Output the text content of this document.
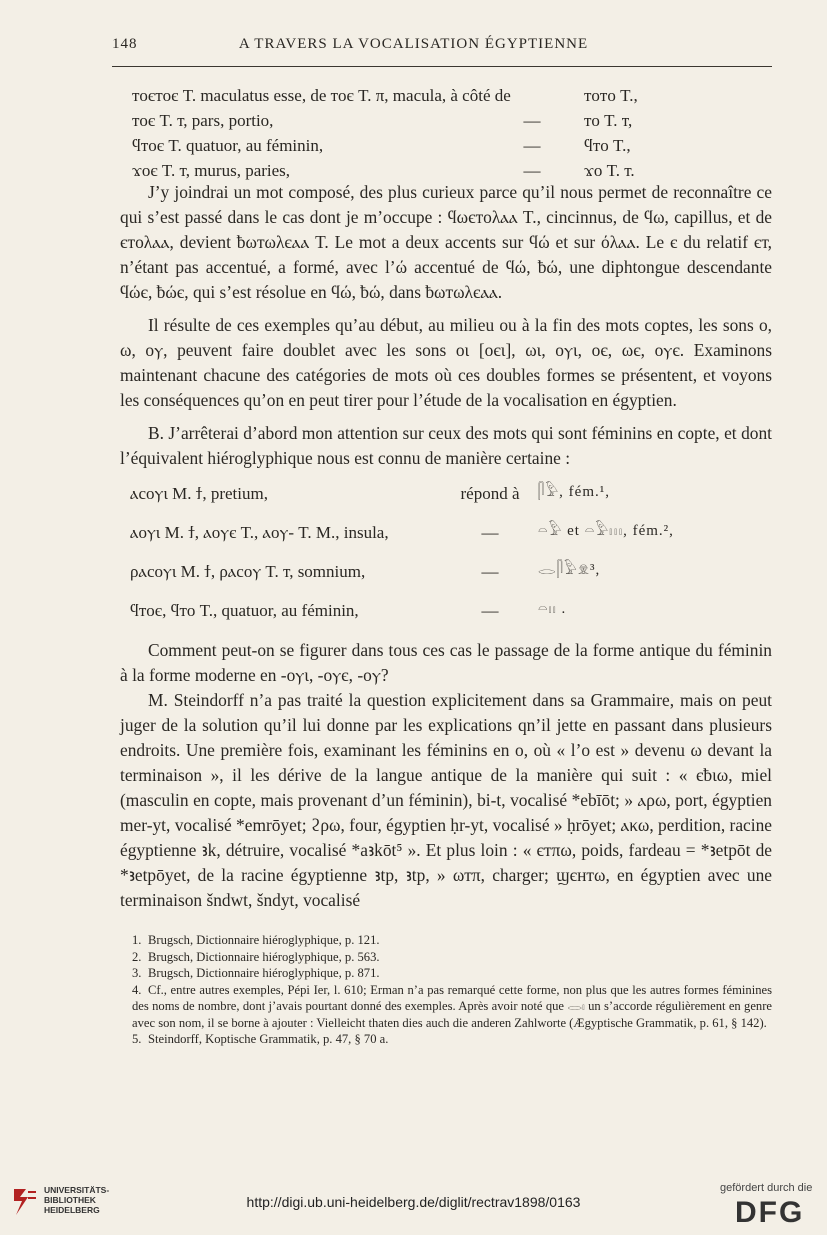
148	A TRAVERS LA VOCALISATION ÉGYPTIENNE
тοєтοє T. maculatus esse, de тοє T. π, macula, à côté de	тοтο T.,
тοє T. т, pars, portio,	—	тο T. т,
ϥтοє T. quatuor, au féminin,	—	ϥтο T.,
ϫοє T. т, murus, paries,	—	ϫο T. т.

J’y joindrai un mot composé, des plus curieux parce qu’il nous permet de reconnaître ce qui s’est passé dans le cas dont je m’occupe : ϥωєтολⲁⲁ T., cincinnus, de ϥω, capillus, et de єтολⲁⲁ, devient ƀωтωλєⲁⲁ T. Le mot a deux accents sur ϥώ et sur όλⲁⲁ. Le є du relatif єт, n’étant pas accentué, a formé, avec l’ώ accentué de ϥώ, ƀώ, une diphtongue descendante ϥώє, ƀώє, qui s’est résolue en ϥώ, ƀώ, dans ƀωтωλєⲁⲁ.

Il résulte de ces exemples qu’au début, au milieu ou à la fin des mots coptes, les sons ο, ω, οⲩ, peuvent faire doublet avec les sons οι [οєι], ωι, οⲩι, οє, ωє, οⲩє. Examinons maintenant chacune des catégories de mots où ces doubles formes se présentent, et voyons les conséquences qu’on en peut tirer pour l’étude de la vocalisation en égyptien.

B. J’arrêterai d’abord mon attention sur ceux des mots qui sont féminins en copte, et dont l’équivalent hiéroglyphique nous est connu de manière certaine :

ⲁcοⲩι M. ϯ, pretium,	répond à	𓋴𓅱, fém.¹,
ⲁοⲩι M. ϯ, ⲁοⲩє T., ⲁοⲩ- T. M., insula,	—	𓏏𓅱 et 𓏏𓅱𓏥, fém.²,
ρⲁcοⲩι M. ϯ, ρⲁcοⲩ T. т, somnium,	—	𓂋𓋴𓅱𓁷³,
ϥтοє, ϥтο T., quatuor, au féminin,	—	𓏏𓏤𓏤 .

Comment peut-on se figurer dans tous ces cas le passage de la forme antique du féminin à la forme moderne en -οⲩι, -οⲩє, -οⲩ?

M. Steindorff n’a pas traité la question explicitement dans sa Grammaire, mais on peut juger de la solution qu’il lui donne par les explications qn’il jette en passant dans plusieurs endroits. Une première fois, examinant les féminins en ο, où « l’ο est » devenu ω devant la terminaison », il les dérive de la langue antique de la manière qui suit : « єƀιω, miel (masculin en copte, mais provenant d’un féminin), bi-t, vocalisé *ebīōt; » ⲁρω, port, égyptien mer-yt, vocalisé *emrōyet; ϩρω, four, égyptien ḥr-yt, vocalisé » ḥrōyet; ⲁκω, perdition, racine égyptienne ꜣk, détruire, vocalisé *aꜣkōt⁵ ». Et plus loin : « єтπω, poids, fardeau = *ꜣetpōt de *ꜣetpōyet, de la racine égyptienne ꜣtp, ꜣtp, » ωтπ, charger; ϣєнтω, en égyptien avec une terminaison šndwt, šndyt, vocalisé

1. Brugsch, Dictionnaire hiéroglyphique, p. 121.

2. Brugsch, Dictionnaire hiéroglyphique, p. 563.

3. Brugsch, Dictionnaire hiéroglyphique, p. 871.

4. Cf., entre autres exemples, Pépi Ier, l. 610; Erman n’a pas remarqué cette forme, non plus que les autres formes féminines des noms de nombre, dont j’avais pourtant donné des exemples. Après avoir noté que 𓂋𓏤 un s’accorde régulièrement en genre avec son nom, il se borne à ajouter : Vielleicht thaten dies auch die anderen Zahlworte (Ægyptische Grammatik, p. 61, § 142).

5. Steindorff, Koptische Grammatik, p. 47, § 70 a.

UNIVERSITÄTS-
BIBLIOTHEK
HEIDELBERG	http://digi.ub.uni-heidelberg.de/diglit/rectrav1898/0163
gefördert durch die
DFG
